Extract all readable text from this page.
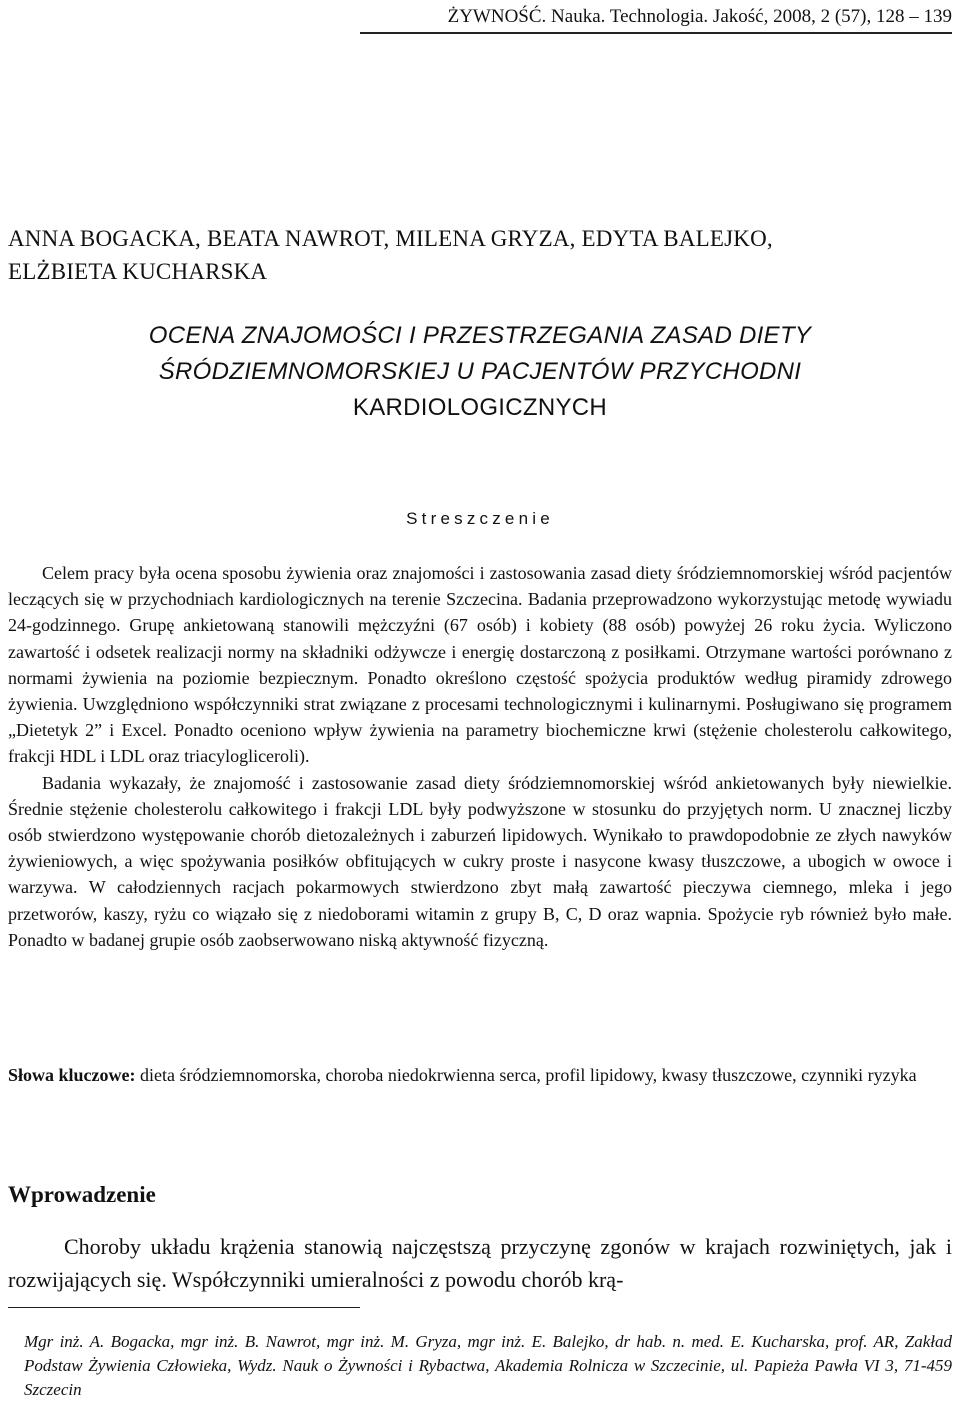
ŻYWNOŚĆ. Nauka. Technologia. Jakość, 2008, 2 (57), 128 – 139
ANNA BOGACKA, BEATA NAWROT, MILENA GRYZA, EDYTA BALEJKO,
ELŻBIETA KUCHARSKA
OCENA ZNAJOMOŚCI I PRZESTRZEGANIA ZASAD DIETY
ŚRÓDZIEMNOMORSKIEJ U PACJENTÓW PRZYCHODNI
KARDIOLOGICZNYCH
Streszczenie

Celem pracy była ocena sposobu żywienia oraz znajomości i zastosowania zasad diety śródziemnomorskiej wśród pacjentów leczących się w przychodniach kardiologicznych na terenie Szczecina. Badania przeprowadzono wykorzystując metodę wywiadu 24-godzinnego. Grupę ankietowaną stanowili mężczyźni (67 osób) i kobiety (88 osób) powyżej 26 roku życia. Wyliczono zawartość i odsetek realizacji normy na składniki odżywcze i energię dostarczoną z posiłkami. Otrzymane wartości porównano z normami żywienia na poziomie bezpiecznym. Ponadto określono częstość spożycia produktów według piramidy zdrowego żywienia. Uwzględniono współczynniki strat związane z procesami technologicznymi i kulinarnymi. Posługiwano się programem „Dietetyk 2” i Excel. Ponadto oceniono wpływ żywienia na parametry biochemiczne krwi (stężenie cholesterolu całkowitego, frakcji HDL i LDL oraz triacylogliceroli).

Badania wykazały, że znajomość i zastosowanie zasad diety śródziemnomorskiej wśród ankietowanych były niewielkie. Średnie stężenie cholesterolu całkowitego i frakcji LDL były podwyższone w stosunku do przyjętych norm. U znacznej liczby osób stwierdzono występowanie chorób dietozależnych i zaburzeń lipidowych. Wynikało to prawdopodobnie ze złych nawyków żywieniowych, a więc spożywania posiłków obfitujących w cukry proste i nasycone kwasy tłuszczowe, a ubogich w owoce i warzywa. W całodziennych racjach pokarmowych stwierdzono zbyt małą zawartość pieczywa ciemnego, mleka i jego przetworów, kaszy, ryżu co wiązało się z niedoborami witamin z grupy B, C, D oraz wapnia. Spożycie ryb również było małe. Ponadto w badanej grupie osób zaobserwowano niską aktywność fizyczną.

Słowa kluczowe: dieta śródziemnomorska, choroba niedokrwienna serca, profil lipidowy, kwasy tłuszczowe, czynniki ryzyka
Wprowadzenie

Choroby układu krążenia stanowią najczęstszą przyczynę zgonów w krajach rozwiniętych, jak i rozwijających się. Współczynniki umieralności z powodu chorób krą-

Mgr inż. A. Bogacka, mgr inż. B. Nawrot, mgr inż. M. Gryza, mgr inż. E. Balejko, dr hab. n. med. E. Kucharska, prof. AR, Zakład Podstaw Żywienia Człowieka, Wydz. Nauk o Żywności i Rybactwa, Akademia Rolnicza w Szczecinie, ul. Papieża Pawła VI 3, 71-459 Szczecin
